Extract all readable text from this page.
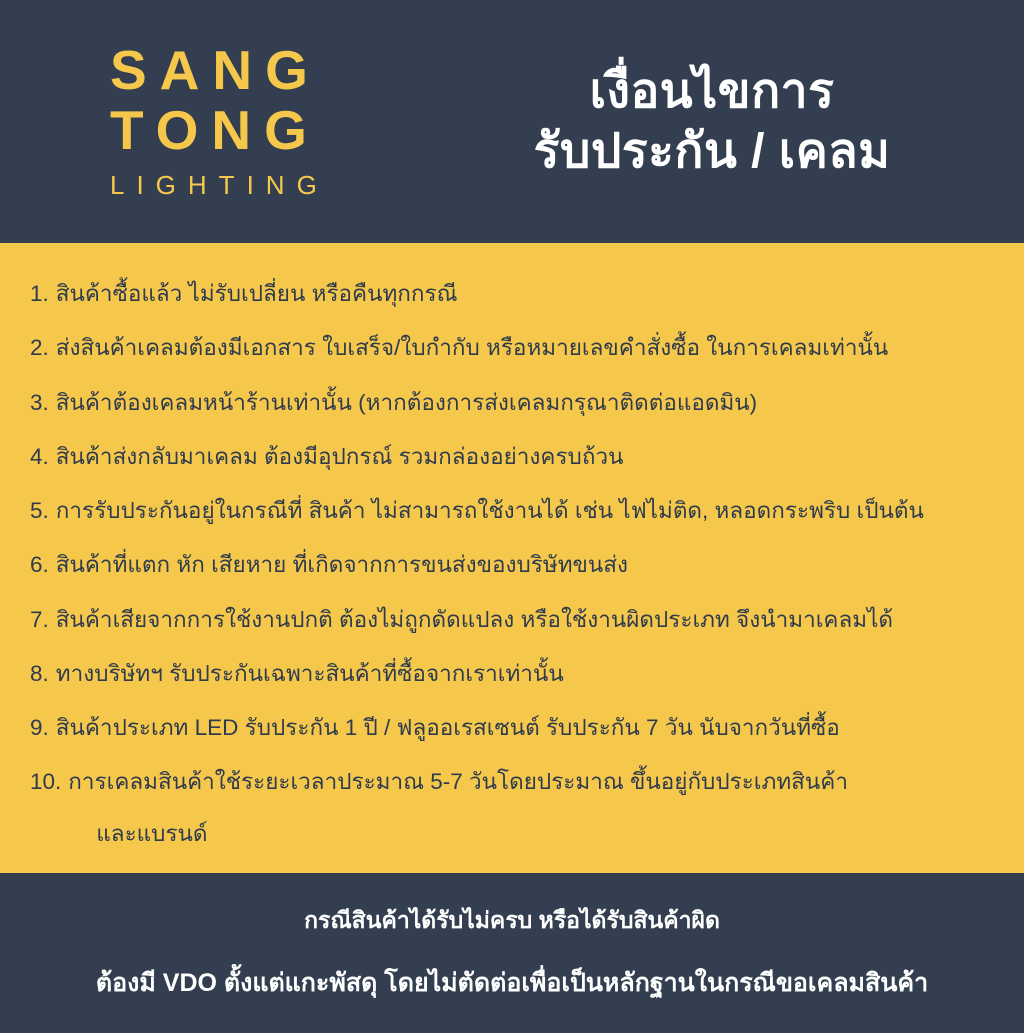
SANG
TONG
LIGHTING
เงื่อนไขการ
รับประกัน / เคลม
1. สินค้าซื้อแล้ว ไม่รับเปลี่ยน หรือคืนทุกกรณี
2. ส่งสินค้าเคลมต้องมีเอกสาร ใบเสร็จ/ใบกำกับ หรือหมายเลขคำสั่งซื้อ ในการเคลมเท่านั้น
3. สินค้าต้องเคลมหน้าร้านเท่านั้น (หากต้องการส่งเคลมกรุณาติดต่อแอดมิน)
4. สินค้าส่งกลับมาเคลม ต้องมีอุปกรณ์ รวมกล่องอย่างครบถ้วน
5. การรับประกันอยู่ในกรณีที่ สินค้า ไม่สามารถใช้งานได้ เช่น ไฟไม่ติด, หลอดกระพริบ เป็นต้น
6. สินค้าที่แตก หัก เสียหาย ที่เกิดจากการขนส่งของบริษัทขนส่ง
7. สินค้าเสียจากการใช้งานปกติ ต้องไม่ถูกดัดแปลง หรือใช้งานผิดประเภท จึงนำมาเคลมได้
8. ทางบริษัทฯ รับประกันเฉพาะสินค้าที่ซื้อจากเราเท่านั้น
9. สินค้าประเภท LED รับประกัน 1 ปี / ฟลูออเรสเซนต์ รับประกัน 7 วัน นับจากวันที่ซื้อ
10. การเคลมสินค้าใช้ระยะเวลาประมาณ 5-7 วันโดยประมาณ ขึ้นอยู่กับประเภทสินค้า
และแบรนด์
กรณีสินค้าได้รับไม่ครบ หรือได้รับสินค้าผิด
ต้องมี VDO ตั้งแต่แกะพัสดุ โดยไม่ตัดต่อเพื่อเป็นหลักฐานในกรณีขอเคลมสินค้า
